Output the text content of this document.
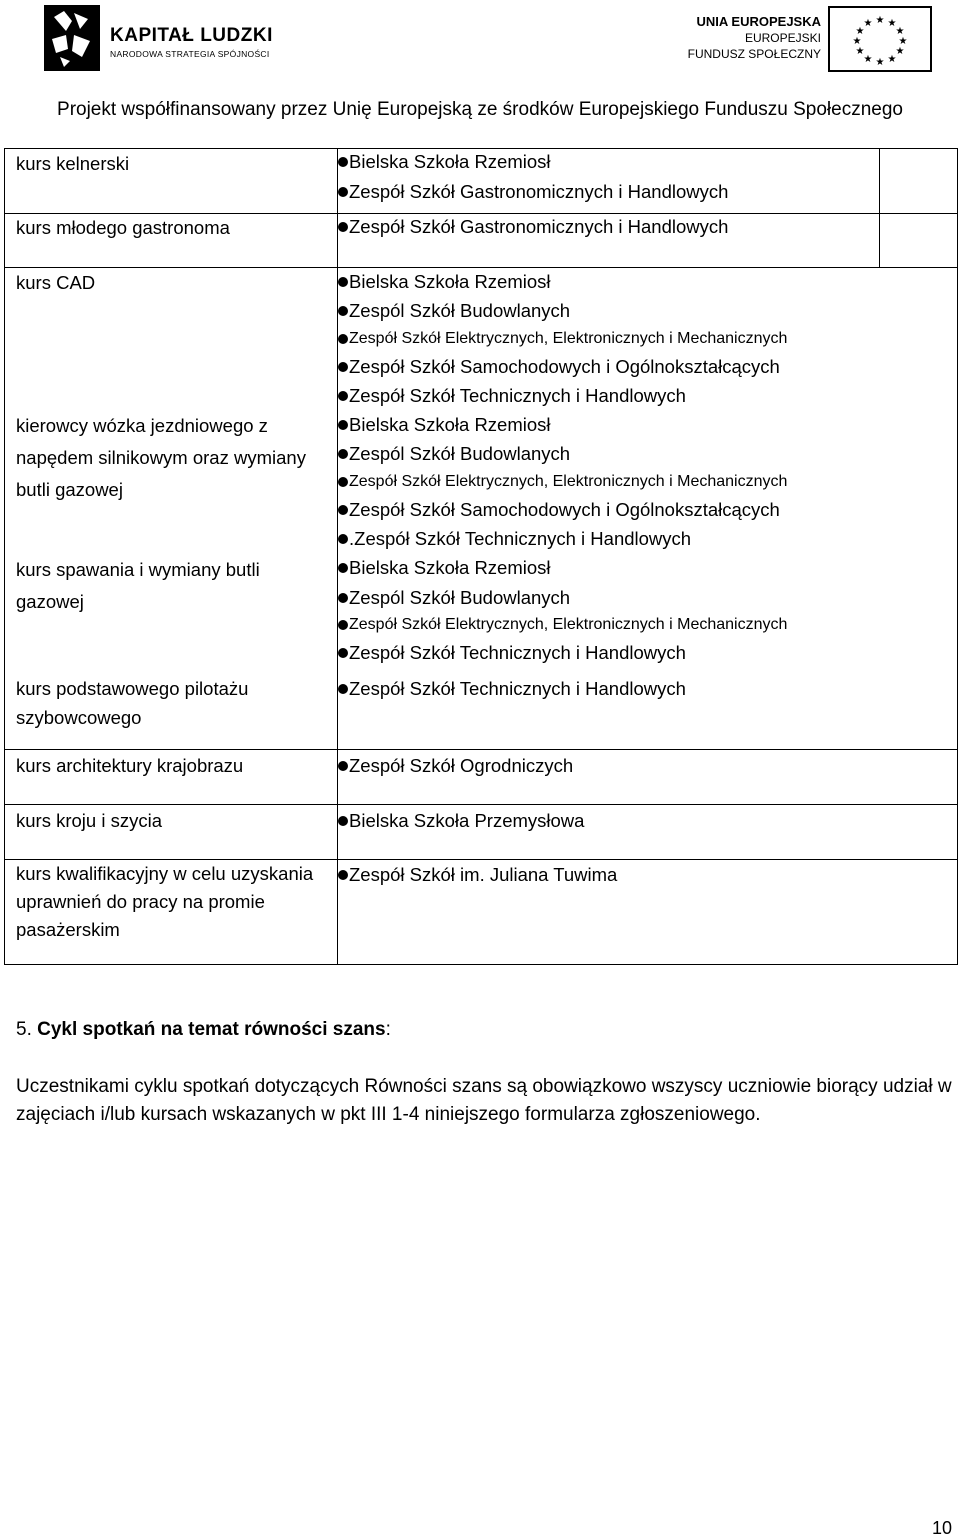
KAPITAŁ LUDZKI
NARODOWA STRATEGIA SPÓJNOŚCI
UNIA EUROPEJSKA
EUROPEJSKI
FUNDUSZ SPOŁECZNY
★ ★
★
★
★
★
★
★
★
★
★
★
Projekt współfinansowany przez Unię Europejską ze środków Europejskiego Funduszu Społecznego
kurs kelnerski
kurs młodego gastronoma
kurs CAD
kierowcy wózka jezdniowego z napędem silnikowym oraz wymiany butli gazowej
kurs spawania i wymiany butli gazowej
kurs podstawowego pilotażu szybowcowego
kurs architektury krajobrazu
kurs kroju i szycia
kurs kwalifikacyjny w celu uzyskania uprawnień do pracy na promie pasażerskim
Bielska Szkoła Rzemiosł
Zespół Szkół Gastronomicznych i Handlowych
Zespół Szkół Gastronomicznych i Handlowych
Bielska Szkoła Rzemiosł
Zespól Szkół Budowlanych
Zespół Szkół Elektrycznych, Elektronicznych i Mechanicznych
Zespół Szkół Samochodowych i Ogólnokształcących
Zespół Szkół Technicznych i Handlowych
Bielska Szkoła Rzemiosł
Zespól Szkół Budowlanych
Zespół Szkół Elektrycznych, Elektronicznych i Mechanicznych
Zespół Szkół Samochodowych i Ogólnokształcących
.Zespół Szkół Technicznych i Handlowych
Bielska Szkoła Rzemiosł
Zespól Szkół Budowlanych
Zespół Szkół Elektrycznych, Elektronicznych i Mechanicznych
Zespół Szkół Technicznych i Handlowych
Zespół Szkół Technicznych i Handlowych
Zespół Szkół Ogrodniczych
Bielska Szkoła Przemysłowa
Zespół Szkół im. Juliana Tuwima
5. Cykl spotkań na temat równości szans:
Uczestnikami cyklu spotkań dotyczących Równości szans są obowiązkowo wszyscy uczniowie biorący udział w zajęciach i/lub kursach wskazanych w pkt III 1-4 niniejszego formularza zgłoszeniowego.
10
